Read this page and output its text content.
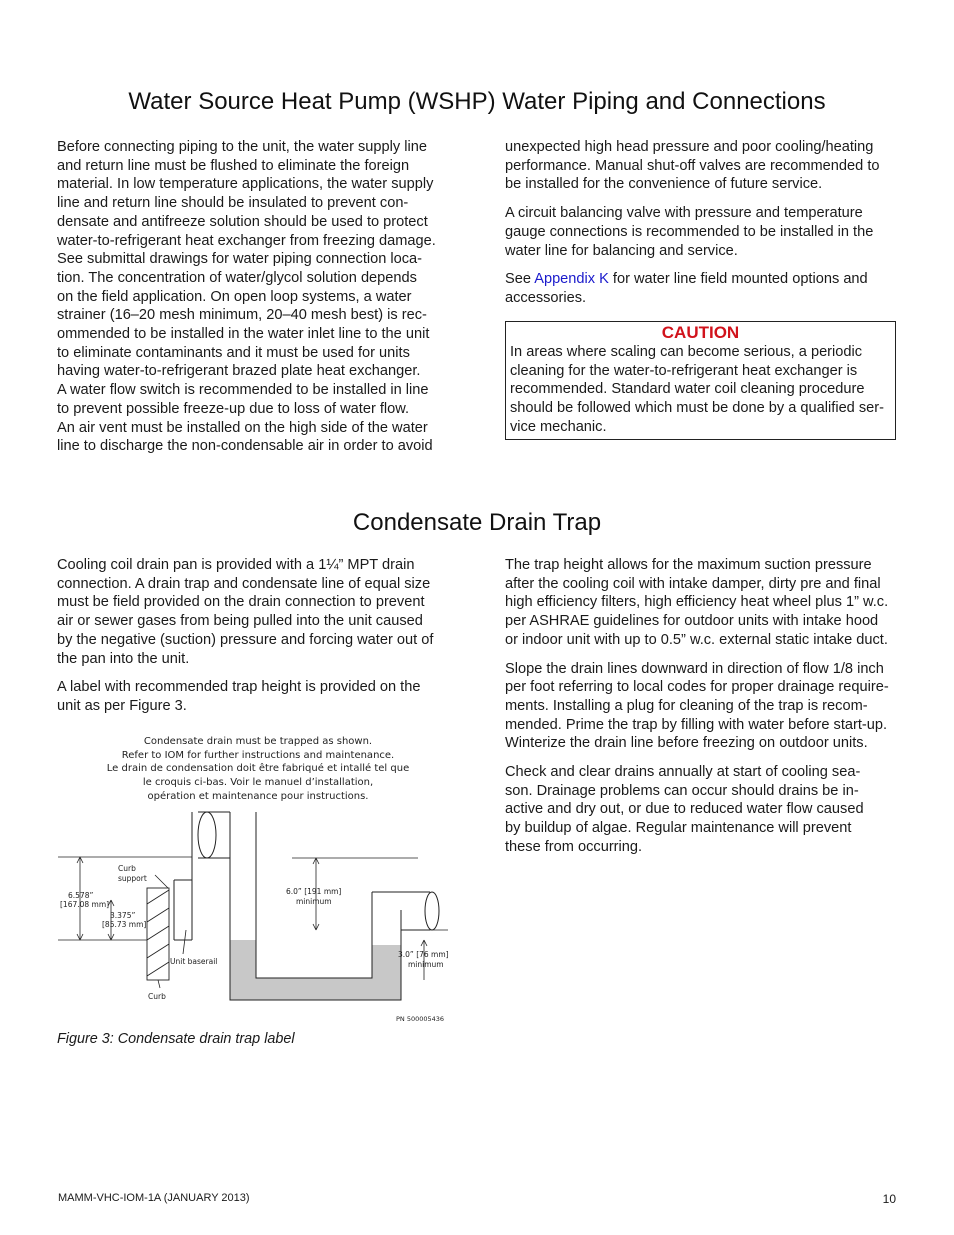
Water Source Heat Pump (WSHP) Water Piping and Connections
Before connecting piping to the unit, the water supply line
and return line must be flushed to eliminate the foreign
material. In low temperature applications, the water supply
line and return line should be insulated to prevent con-
densate and antifreeze solution should be used to protect
water-to-refrigerant heat exchanger from freezing damage.
See submittal drawings for water piping connection loca-
tion. The concentration of water/glycol solution depends
on the field application. On open loop systems, a water
strainer (16–20 mesh minimum, 20–40 mesh best) is rec-
ommended to be installed in the water inlet line to the unit
to eliminate contaminants and it must be used for units
having water-to-refrigerant brazed plate heat exchanger.
A water flow switch is recommended to be installed in line
to prevent possible freeze-up due to loss of water flow.
An air vent must be installed on the high side of the water
line to discharge the non-condensable air in order to avoid

unexpected high head pressure and poor cooling/heating
performance. Manual shut-off valves are recommended to
be installed for the convenience of future service.

A circuit balancing valve with pressure and temperature
gauge connections is recommended to be installed in the
water line for balancing and service.

See Appendix K for water line field mounted options and
accessories.

CAUTION
In areas where scaling can become serious, a periodic
cleaning for the water-to-refrigerant heat exchanger is
recommended. Standard water coil cleaning procedure
should be followed which must be done by a qualified ser-
vice mechanic.
Condensate Drain Trap

Cooling coil drain pan is provided with a 1¼” MPT drain
connection. A drain trap and condensate line of equal size
must be field provided on the drain connection to prevent
air or sewer gases from being pulled into the unit caused
by the negative (suction) pressure and forcing water out of
the pan into the unit.

A label with recommended trap height is provided on the
unit as per Figure 3.

The trap height allows for the maximum suction pressure
after the cooling coil with intake damper, dirty pre and final
high efficiency filters, high efficiency heat wheel plus 1” w.c.
per ASHRAE guidelines for outdoor units with intake hood
or indoor unit with up to 0.5” w.c. external static intake duct.

Slope the drain lines downward in direction of flow 1/8 inch
per foot referring to local codes for proper drainage require-
ments. Installing a plug for cleaning of the trap is recom-
mended. Prime the trap by filling with water before start-up.
Winterize the drain line before freezing on outdoor units.

Check and clear drains annually at start of cooling sea-
son. Drainage problems can occur should drains be in-
active and dry out, or due to reduced water flow caused
by buildup of algae. Regular maintenance will prevent
these from occurring.

Condensate drain must be trapped as shown.
Refer to IOM for further instructions and maintenance.
Le drain de condensation doit être fabriqué et intallé tel que
le croquis ci-bas. Voir le manuel d’installation,
opération et maintenance pour instructions.
Curb
support
6.578”
[167.08 mm]
3.375”
[85.73 mm]
6.0” [191 mm]
minimum
3.0” [76 mm]
minimum
Unit baserail
Curb
PN 500005436
Figure 3: Condensate drain trap label
MAMM-VHC-IOM-1A (JANUARY 2013)	10
